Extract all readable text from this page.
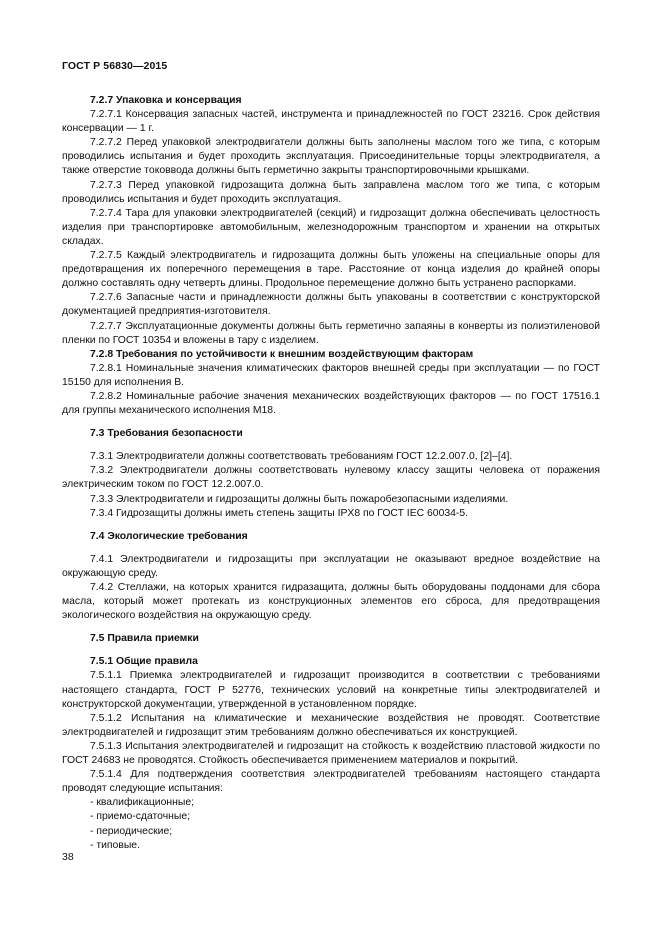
ГОСТ Р 56830—2015
7.2.7 Упаковка и консервация
7.2.7.1 Консервация запасных частей, инструмента и принадлежностей по ГОСТ 23216. Срок действия консервации — 1 г.
7.2.7.2 Перед упаковкой электродвигатели должны быть заполнены маслом того же типа, с которым проводились испытания и будет проходить эксплуатация. Присоединительные торцы электродвигателя, а также отверстие токоввода должны быть герметично закрыты транспортировочными крышками.
7.2.7.3 Перед упаковкой гидрозащита должна быть заправлена маслом того же типа, с которым проводились испытания и будет проходить эксплуатация.
7.2.7.4 Тара для упаковки электродвигателей (секций) и гидрозащит должна обеспечивать целостность изделия при транспортировке автомобильным, железнодорожным транспортом и хранении на открытых складах.
7.2.7.5 Каждый электродвигатель и гидрозащита должны быть уложены на специальные опоры для предотвращения их поперечного перемещения в таре. Расстояние от конца изделия до крайней опоры должно составлять одну четверть длины. Продольное перемещение должно быть устранено распорками.
7.2.7.6 Запасные части и принадлежности должны быть упакованы в соответствии с конструкторской документацией предприятия-изготовителя.
7.2.7.7 Эксплуатационные документы должны быть герметично запаяны в конверты из полиэтиленовой пленки по ГОСТ 10354 и вложены в тару с изделием.
7.2.8 Требования по устойчивости к внешним воздействующим факторам
7.2.8.1 Номинальные значения климатических факторов внешней среды при эксплуатации — по ГОСТ 15150 для исполнения В.
7.2.8.2 Номинальные рабочие значения механических воздействующих факторов — по ГОСТ 17516.1 для группы механического исполнения М18.
7.3 Требования безопасности
7.3.1 Электродвигатели должны соответствовать требованиям ГОСТ 12.2.007.0, [2]–[4].
7.3.2 Электродвигатели должны соответствовать нулевому классу защиты человека от поражения электрическим током по ГОСТ 12.2.007.0.
7.3.3 Электродвигатели и гидрозащиты должны быть пожаробезопасными изделиями.
7.3.4 Гидрозащиты должны иметь степень защиты IPX8 по ГОСТ IEC 60034-5.
7.4 Экологические требования
7.4.1 Электродвигатели и гидрозащиты при эксплуатации не оказывают вредное воздействие на окружающую среду.
7.4.2 Стеллажи, на которых хранится гидразащита, должны быть оборудованы поддонами для сбора масла, который может протекать из конструкционных элементов его сброса, для предотвращения экологического воздействия на окружающую среду.
7.5 Правила приемки
7.5.1 Общие правила
7.5.1.1 Приемка электродвигателей и гидрозащит производится в соответствии с требованиями настоящего стандарта, ГОСТ Р 52776, технических условий на конкретные типы электродвигателей и конструкторской документации, утвержденной в установленном порядке.
7.5.1.2 Испытания на климатические и механические воздействия не проводят. Соответствие электродвигателей и гидрозащит этим требованиям должно обеспечиваться их конструкцией.
7.5.1.3 Испытания электродвигателей и гидрозащит на стойкость к воздействию пластовой жидкости по ГОСТ 24683 не проводятся. Стойкость обеспечивается применением материалов и покрытий.
7.5.1.4 Для подтверждения соответствия электродвигателей требованиям настоящего стандарта проводят следующие испытания:
- квалификационные;
- приемо-сдаточные;
- периодические;
- типовые.
38
